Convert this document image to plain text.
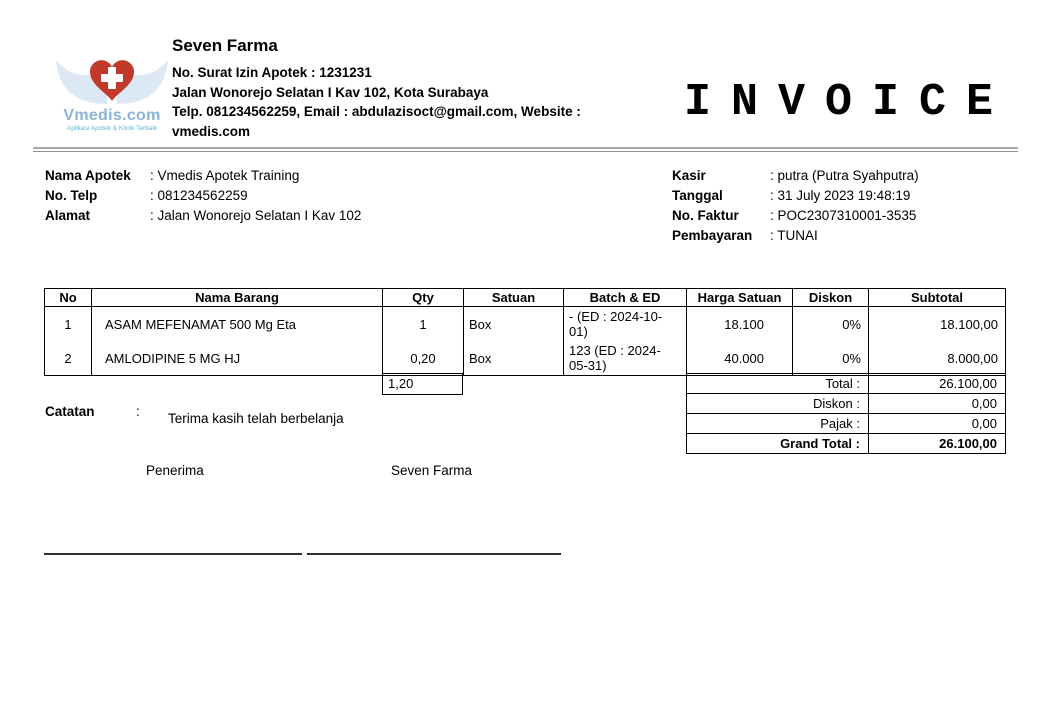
Vmedis.com
Aplikasi Apotek & Klinik Terbaik
Seven Farma
No. Surat Izin Apotek : 1231231
Jalan Wonorejo Selatan I Kav 102, Kota Surabaya
Telp. 081234562259, Email : abdulazisoct@gmail.com, Website :
vmedis.com
INVOICE
Nama Apotek	: Vmedis Apotek Training
No. Telp	: 081234562259
Alamat	: Jalan Wonorejo Selatan I Kav 102
Kasir	: putra (Putra Syahputra)
Tanggal	: 31 July 2023 19:48:19
No. Faktur	: POC2307310001-3535
Pembayaran	: TUNAI
No	Nama Barang	Qty	Satuan	Batch & ED	Harga Satuan	Diskon	Subtotal
1	ASAM MEFENAMAT 500 Mg Eta	1	Box	- (ED : 2024-10-01)	18.100	0%	18.100,00
2	AMLODIPINE 5 MG HJ	0,20	Box	123 (ED : 2024-05-31)	40.000	0%	8.000,00
1,20	Total :	26.100,00
Diskon :	0,00
Pajak :	0,00
Grand Total :	26.100,00
Catatan	:	Terima kasih telah berbelanja
Penerima	Seven Farma
